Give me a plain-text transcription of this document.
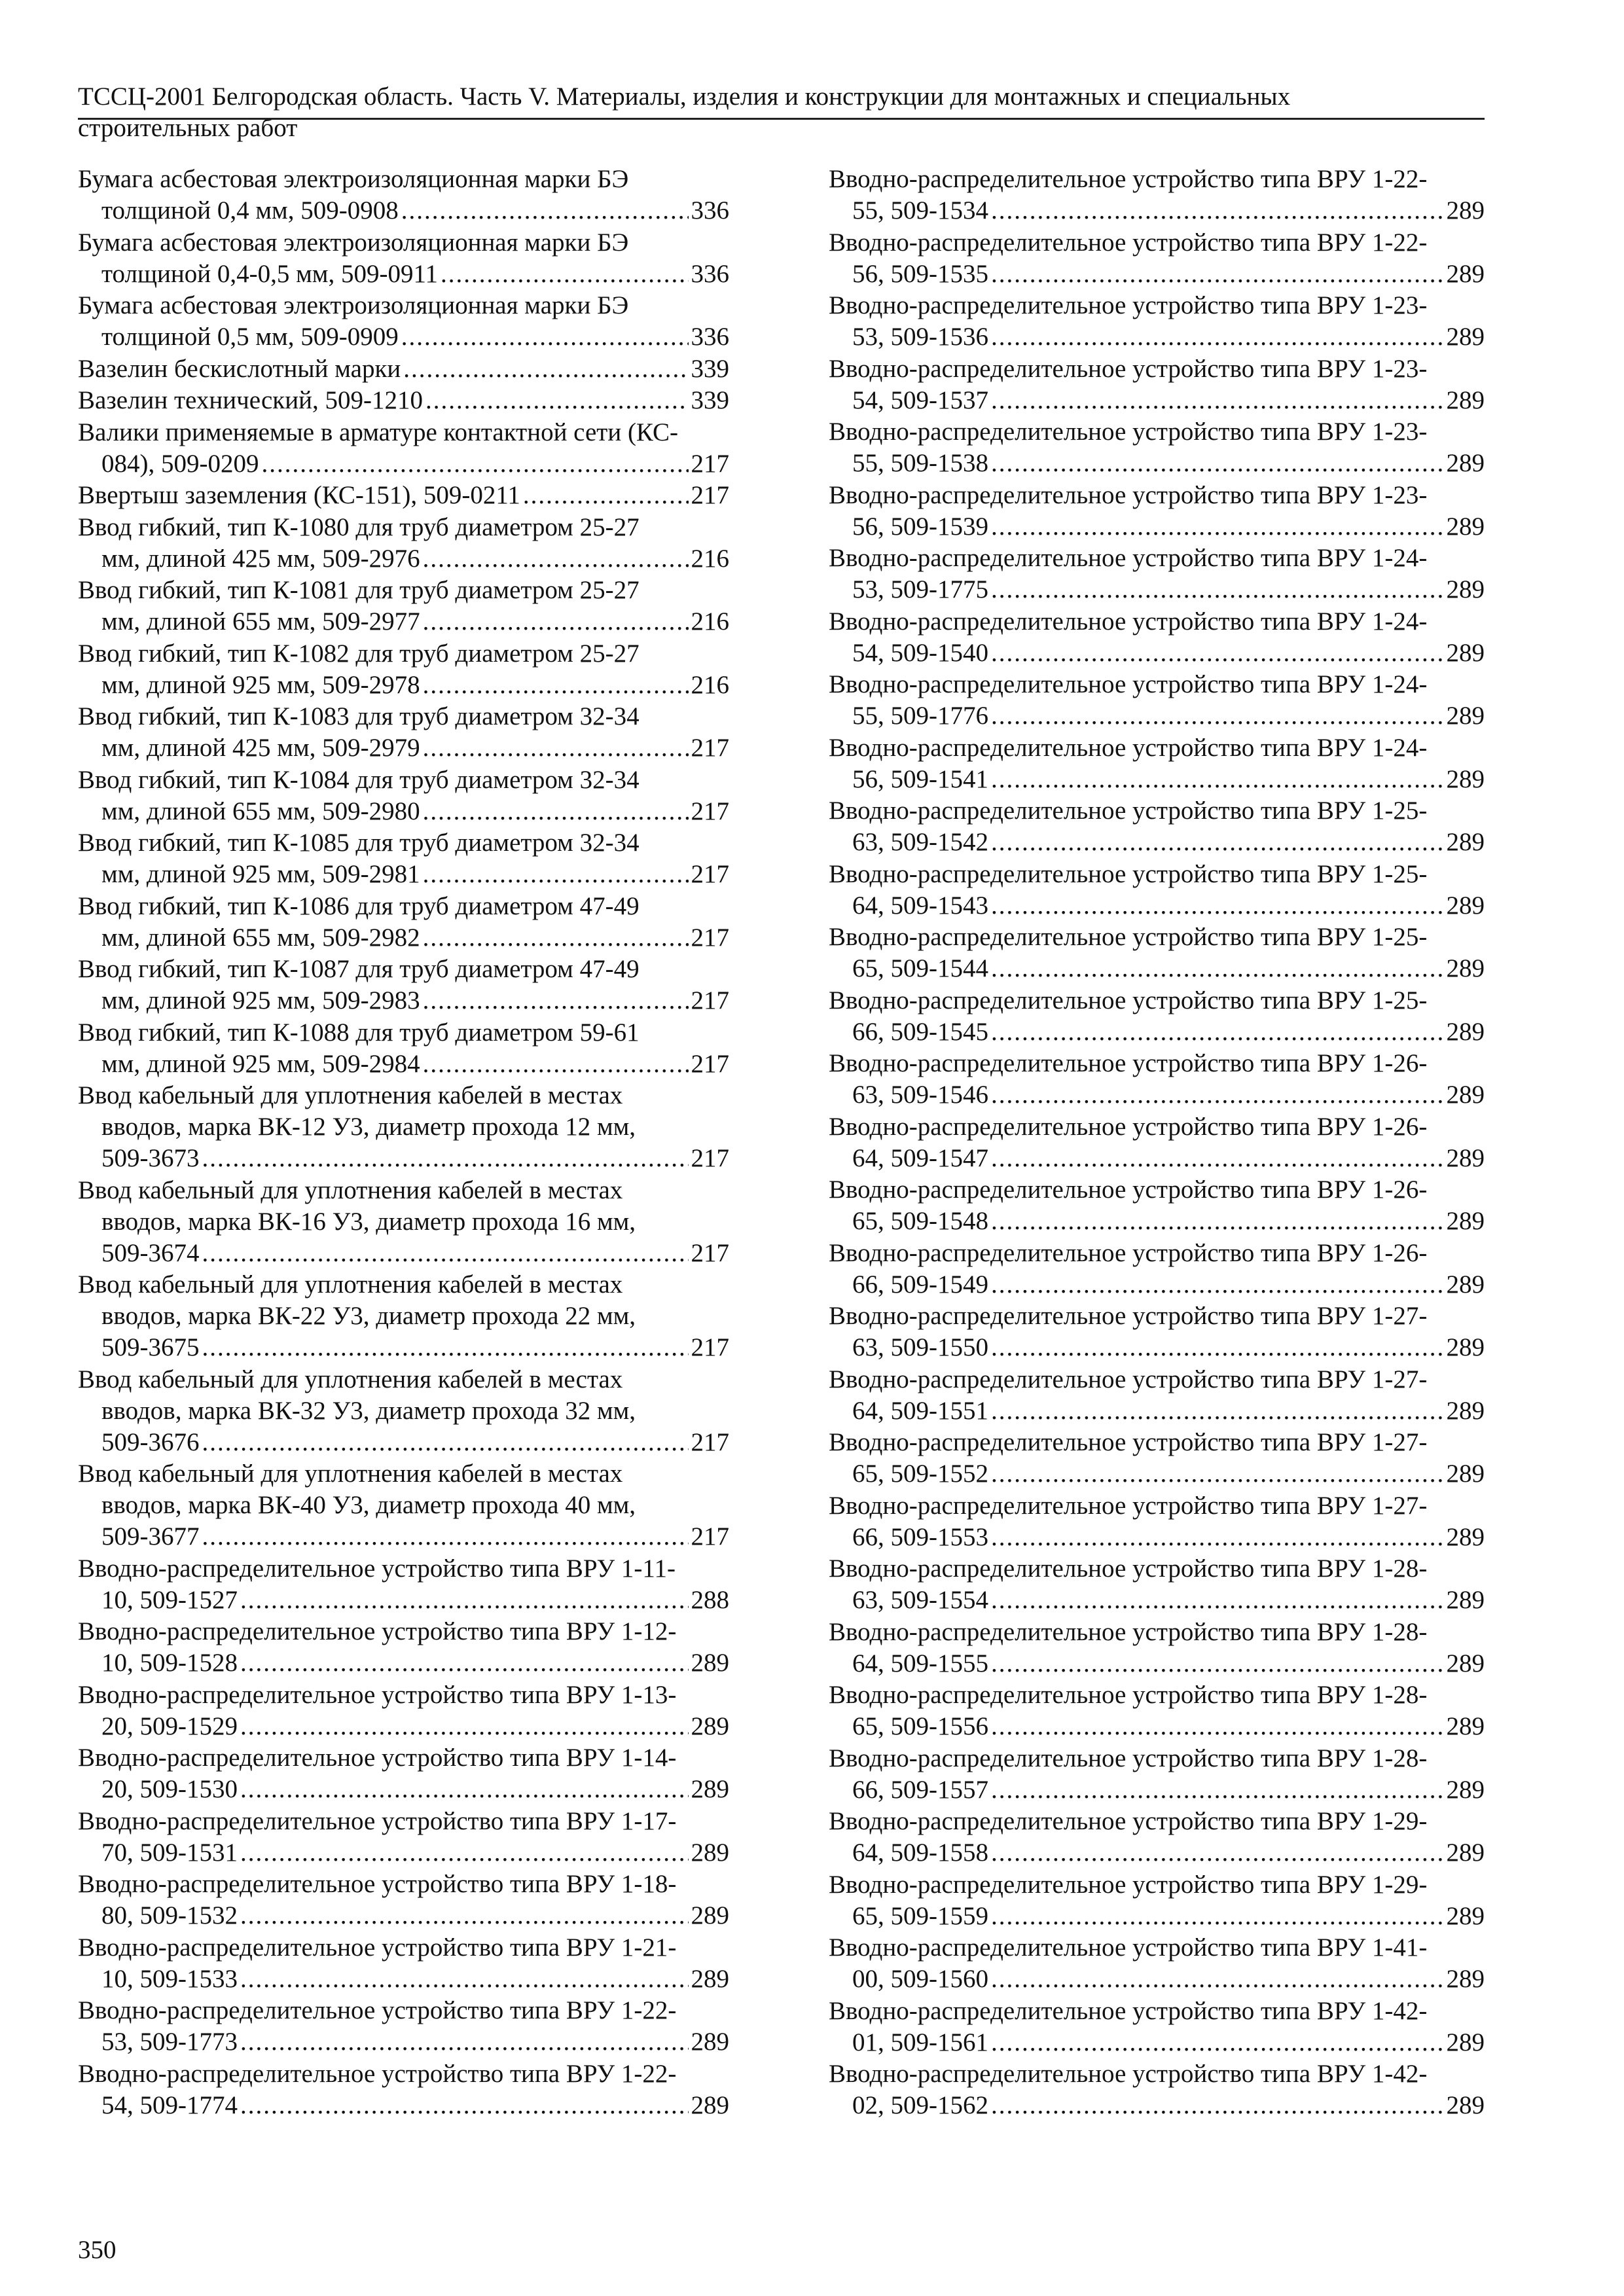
ТССЦ-2001 Белгородская область. Часть V. Материалы, изделия и конструкции для монтажных и специальных
строительных работ
Бумага асбестовая электроизоляционная марки БЭ
толщиной 0,4 мм, 509-0908 .....	336
Бумага асбестовая электроизоляционная марки БЭ
толщиной 0,4-0,5 мм, 509-0911 .....	336
Бумага асбестовая электроизоляционная марки БЭ
толщиной 0,5 мм, 509-0909 .....	336
Вазелин бескислотный марки .....	339
Вазелин технический, 509-1210 .....	339
Валики применяемые в арматуре контактной сети (КС-
084), 509-0209 .....	217
Ввертыш заземления (КС-151), 509-0211 .....	217
Ввод гибкий, тип К-1080 для труб диаметром 25-27
мм, длиной 425 мм, 509-2976 .....	216
Ввод гибкий, тип К-1081 для труб диаметром 25-27
мм, длиной 655 мм, 509-2977 .....	216
Ввод гибкий, тип К-1082 для труб диаметром 25-27
мм, длиной 925 мм, 509-2978 .....	216
Ввод гибкий, тип К-1083 для труб диаметром 32-34
мм, длиной 425 мм, 509-2979 .....	217
Ввод гибкий, тип К-1084 для труб диаметром 32-34
мм, длиной 655 мм, 509-2980 .....	217
Ввод гибкий, тип К-1085 для труб диаметром 32-34
мм, длиной 925 мм, 509-2981 .....	217
Ввод гибкий, тип К-1086 для труб диаметром 47-49
мм, длиной 655 мм, 509-2982 .....	217
Ввод гибкий, тип К-1087 для труб диаметром 47-49
мм, длиной 925 мм, 509-2983 .....	217
Ввод гибкий, тип К-1088 для труб диаметром 59-61
мм, длиной 925 мм, 509-2984 .....	217
Ввод кабельный для уплотнения кабелей в местах
вводов, марка ВК-12 У3, диаметр прохода 12 мм,
509-3673 .....	217
Ввод кабельный для уплотнения кабелей в местах
вводов, марка ВК-16 У3, диаметр прохода 16 мм,
509-3674 .....	217
Ввод кабельный для уплотнения кабелей в местах
вводов, марка ВК-22 У3, диаметр прохода 22 мм,
509-3675 .....	217
Ввод кабельный для уплотнения кабелей в местах
вводов, марка ВК-32 У3, диаметр прохода 32 мм,
509-3676 .....	217
Ввод кабельный для уплотнения кабелей в местах
вводов, марка ВК-40 У3, диаметр прохода 40 мм,
509-3677 .....	217
Вводно-распределительное устройство типа ВРУ 1-11-
10, 509-1527 .....	288
Вводно-распределительное устройство типа ВРУ 1-12-
10, 509-1528 .....	289
Вводно-распределительное устройство типа ВРУ 1-13-
20, 509-1529 .....	289
Вводно-распределительное устройство типа ВРУ 1-14-
20, 509-1530 .....	289
Вводно-распределительное устройство типа ВРУ 1-17-
70, 509-1531 .....	289
Вводно-распределительное устройство типа ВРУ 1-18-
80, 509-1532 .....	289
Вводно-распределительное устройство типа ВРУ 1-21-
10, 509-1533 .....	289
Вводно-распределительное устройство типа ВРУ 1-22-
53, 509-1773 .....	289
Вводно-распределительное устройство типа ВРУ 1-22-
54, 509-1774 .....	289
Вводно-распределительное устройство типа ВРУ 1-22-
55, 509-1534 .....	289
Вводно-распределительное устройство типа ВРУ 1-22-
56, 509-1535 .....	289
Вводно-распределительное устройство типа ВРУ 1-23-
53, 509-1536 .....	289
Вводно-распределительное устройство типа ВРУ 1-23-
54, 509-1537 .....	289
Вводно-распределительное устройство типа ВРУ 1-23-
55, 509-1538 .....	289
Вводно-распределительное устройство типа ВРУ 1-23-
56, 509-1539 .....	289
Вводно-распределительное устройство типа ВРУ 1-24-
53, 509-1775 .....	289
Вводно-распределительное устройство типа ВРУ 1-24-
54, 509-1540 .....	289
Вводно-распределительное устройство типа ВРУ 1-24-
55, 509-1776 .....	289
Вводно-распределительное устройство типа ВРУ 1-24-
56, 509-1541 .....	289
Вводно-распределительное устройство типа ВРУ 1-25-
63, 509-1542 .....	289
Вводно-распределительное устройство типа ВРУ 1-25-
64, 509-1543 .....	289
Вводно-распределительное устройство типа ВРУ 1-25-
65, 509-1544 .....	289
Вводно-распределительное устройство типа ВРУ 1-25-
66, 509-1545 .....	289
Вводно-распределительное устройство типа ВРУ 1-26-
63, 509-1546 .....	289
Вводно-распределительное устройство типа ВРУ 1-26-
64, 509-1547 .....	289
Вводно-распределительное устройство типа ВРУ 1-26-
65, 509-1548 .....	289
Вводно-распределительное устройство типа ВРУ 1-26-
66, 509-1549 .....	289
Вводно-распределительное устройство типа ВРУ 1-27-
63, 509-1550 .....	289
Вводно-распределительное устройство типа ВРУ 1-27-
64, 509-1551 .....	289
Вводно-распределительное устройство типа ВРУ 1-27-
65, 509-1552 .....	289
Вводно-распределительное устройство типа ВРУ 1-27-
66, 509-1553 .....	289
Вводно-распределительное устройство типа ВРУ 1-28-
63, 509-1554 .....	289
Вводно-распределительное устройство типа ВРУ 1-28-
64, 509-1555 .....	289
Вводно-распределительное устройство типа ВРУ 1-28-
65, 509-1556 .....	289
Вводно-распределительное устройство типа ВРУ 1-28-
66, 509-1557 .....	289
Вводно-распределительное устройство типа ВРУ 1-29-
64, 509-1558 .....	289
Вводно-распределительное устройство типа ВРУ 1-29-
65, 509-1559 .....	289
Вводно-распределительное устройство типа ВРУ 1-41-
00, 509-1560 .....	289
Вводно-распределительное устройство типа ВРУ 1-42-
01, 509-1561 .....	289
Вводно-распределительное устройство типа ВРУ 1-42-
02, 509-1562 .....	289
350
